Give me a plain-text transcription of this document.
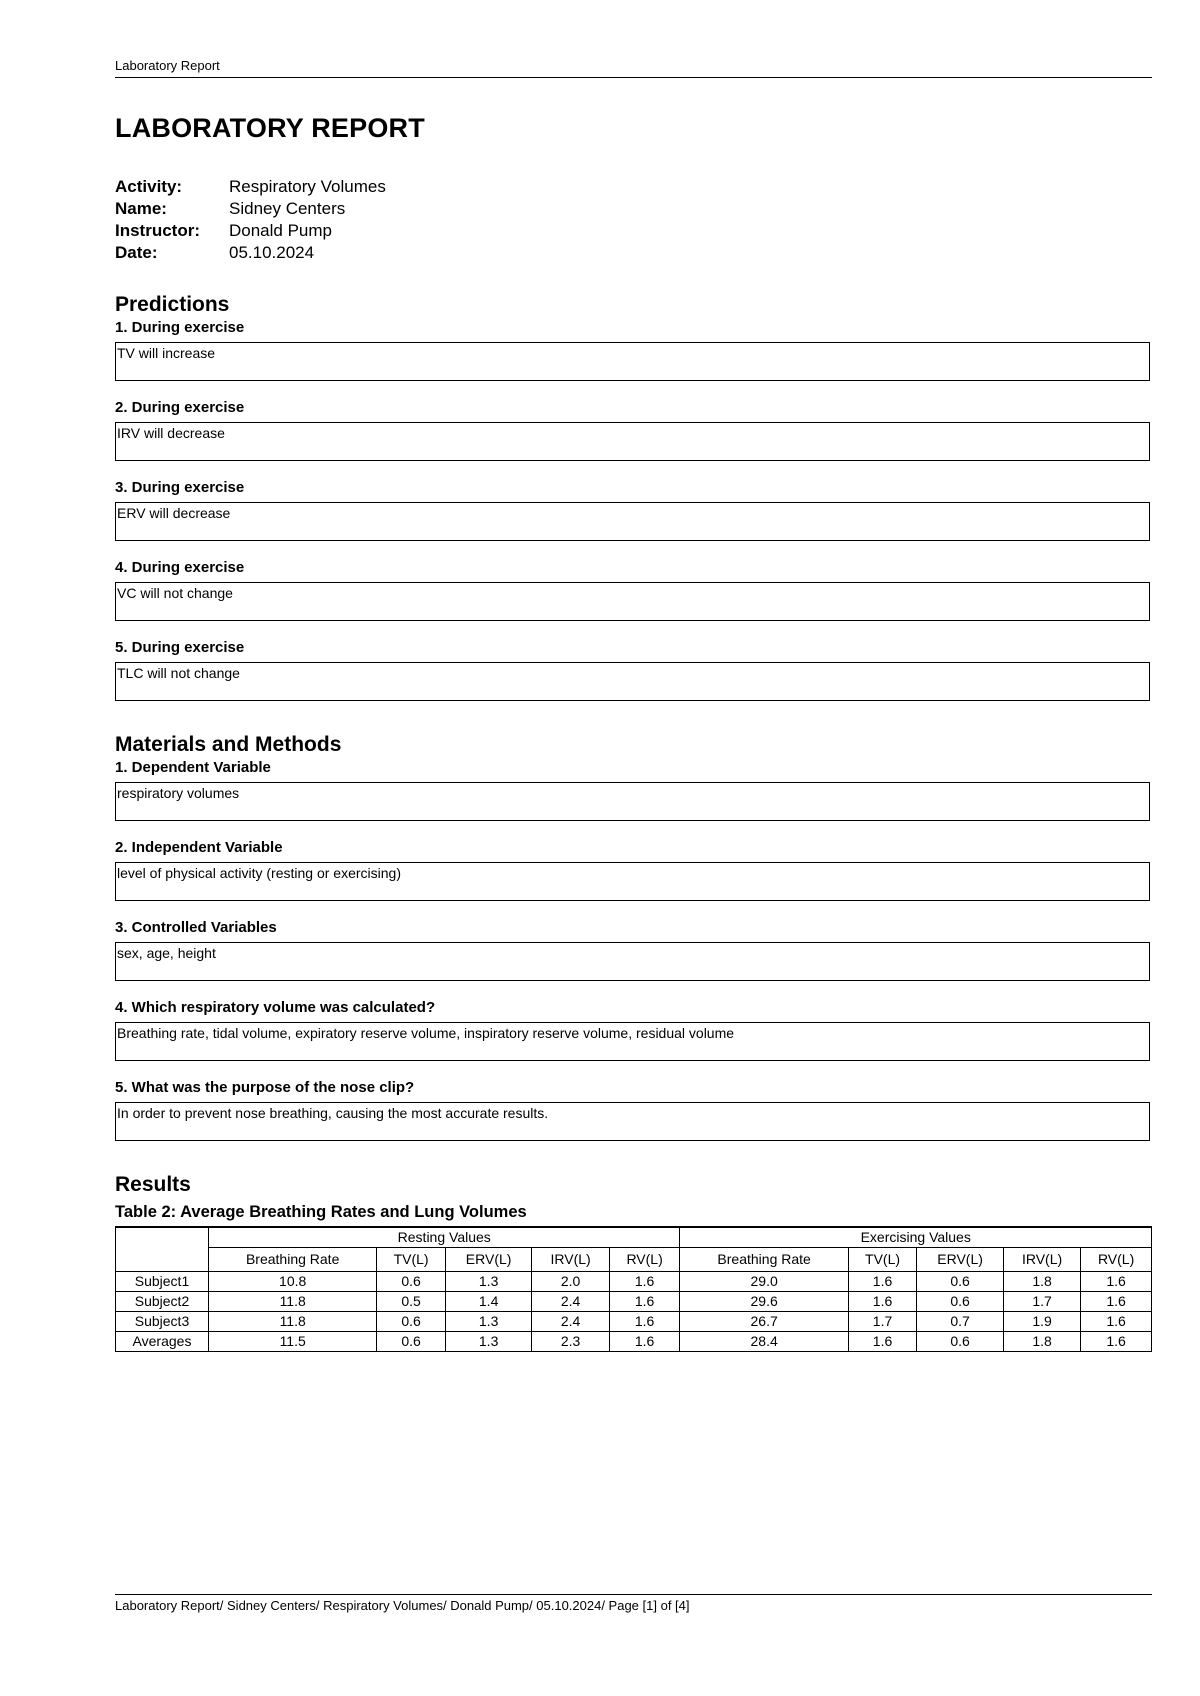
Laboratory Report
LABORATORY REPORT
Activity:	Respiratory Volumes
Name:	Sidney Centers
Instructor:	Donald Pump
Date:	05.10.2024
Predictions
1. During exercise
TV will increase
2. During exercise
IRV will decrease
3. During exercise
ERV will decrease
4. During exercise
VC will not change
5. During exercise
TLC will not change
Materials and Methods
1. Dependent Variable
respiratory volumes
2. Independent Variable
level of physical activity (resting or exercising)
3. Controlled Variables
sex, age, height
4. Which respiratory volume was calculated?
Breathing rate, tidal volume, expiratory reserve volume, inspiratory reserve volume, residual volume
5. What was the purpose of the nose clip?
In order to prevent nose breathing, causing the most accurate results.
Results
Table 2: Average Breathing Rates and Lung Volumes
	Resting Values					Exercising Values				
	Breathing Rate	TV(L)	ERV(L)	IRV(L)	RV(L)	Breathing Rate	TV(L)	ERV(L)	IRV(L)	RV(L)
Subject1	10.8	0.6	1.3	2.0	1.6	29.0	1.6	0.6	1.8	1.6
Subject2	11.8	0.5	1.4	2.4	1.6	29.6	1.6	0.6	1.7	1.6
Subject3	11.8	0.6	1.3	2.4	1.6	26.7	1.7	0.7	1.9	1.6
Averages	11.5	0.6	1.3	2.3	1.6	28.4	1.6	0.6	1.8	1.6
Laboratory Report/ Sidney Centers/ Respiratory Volumes/ Donald Pump/ 05.10.2024/ Page [1] of [4]
